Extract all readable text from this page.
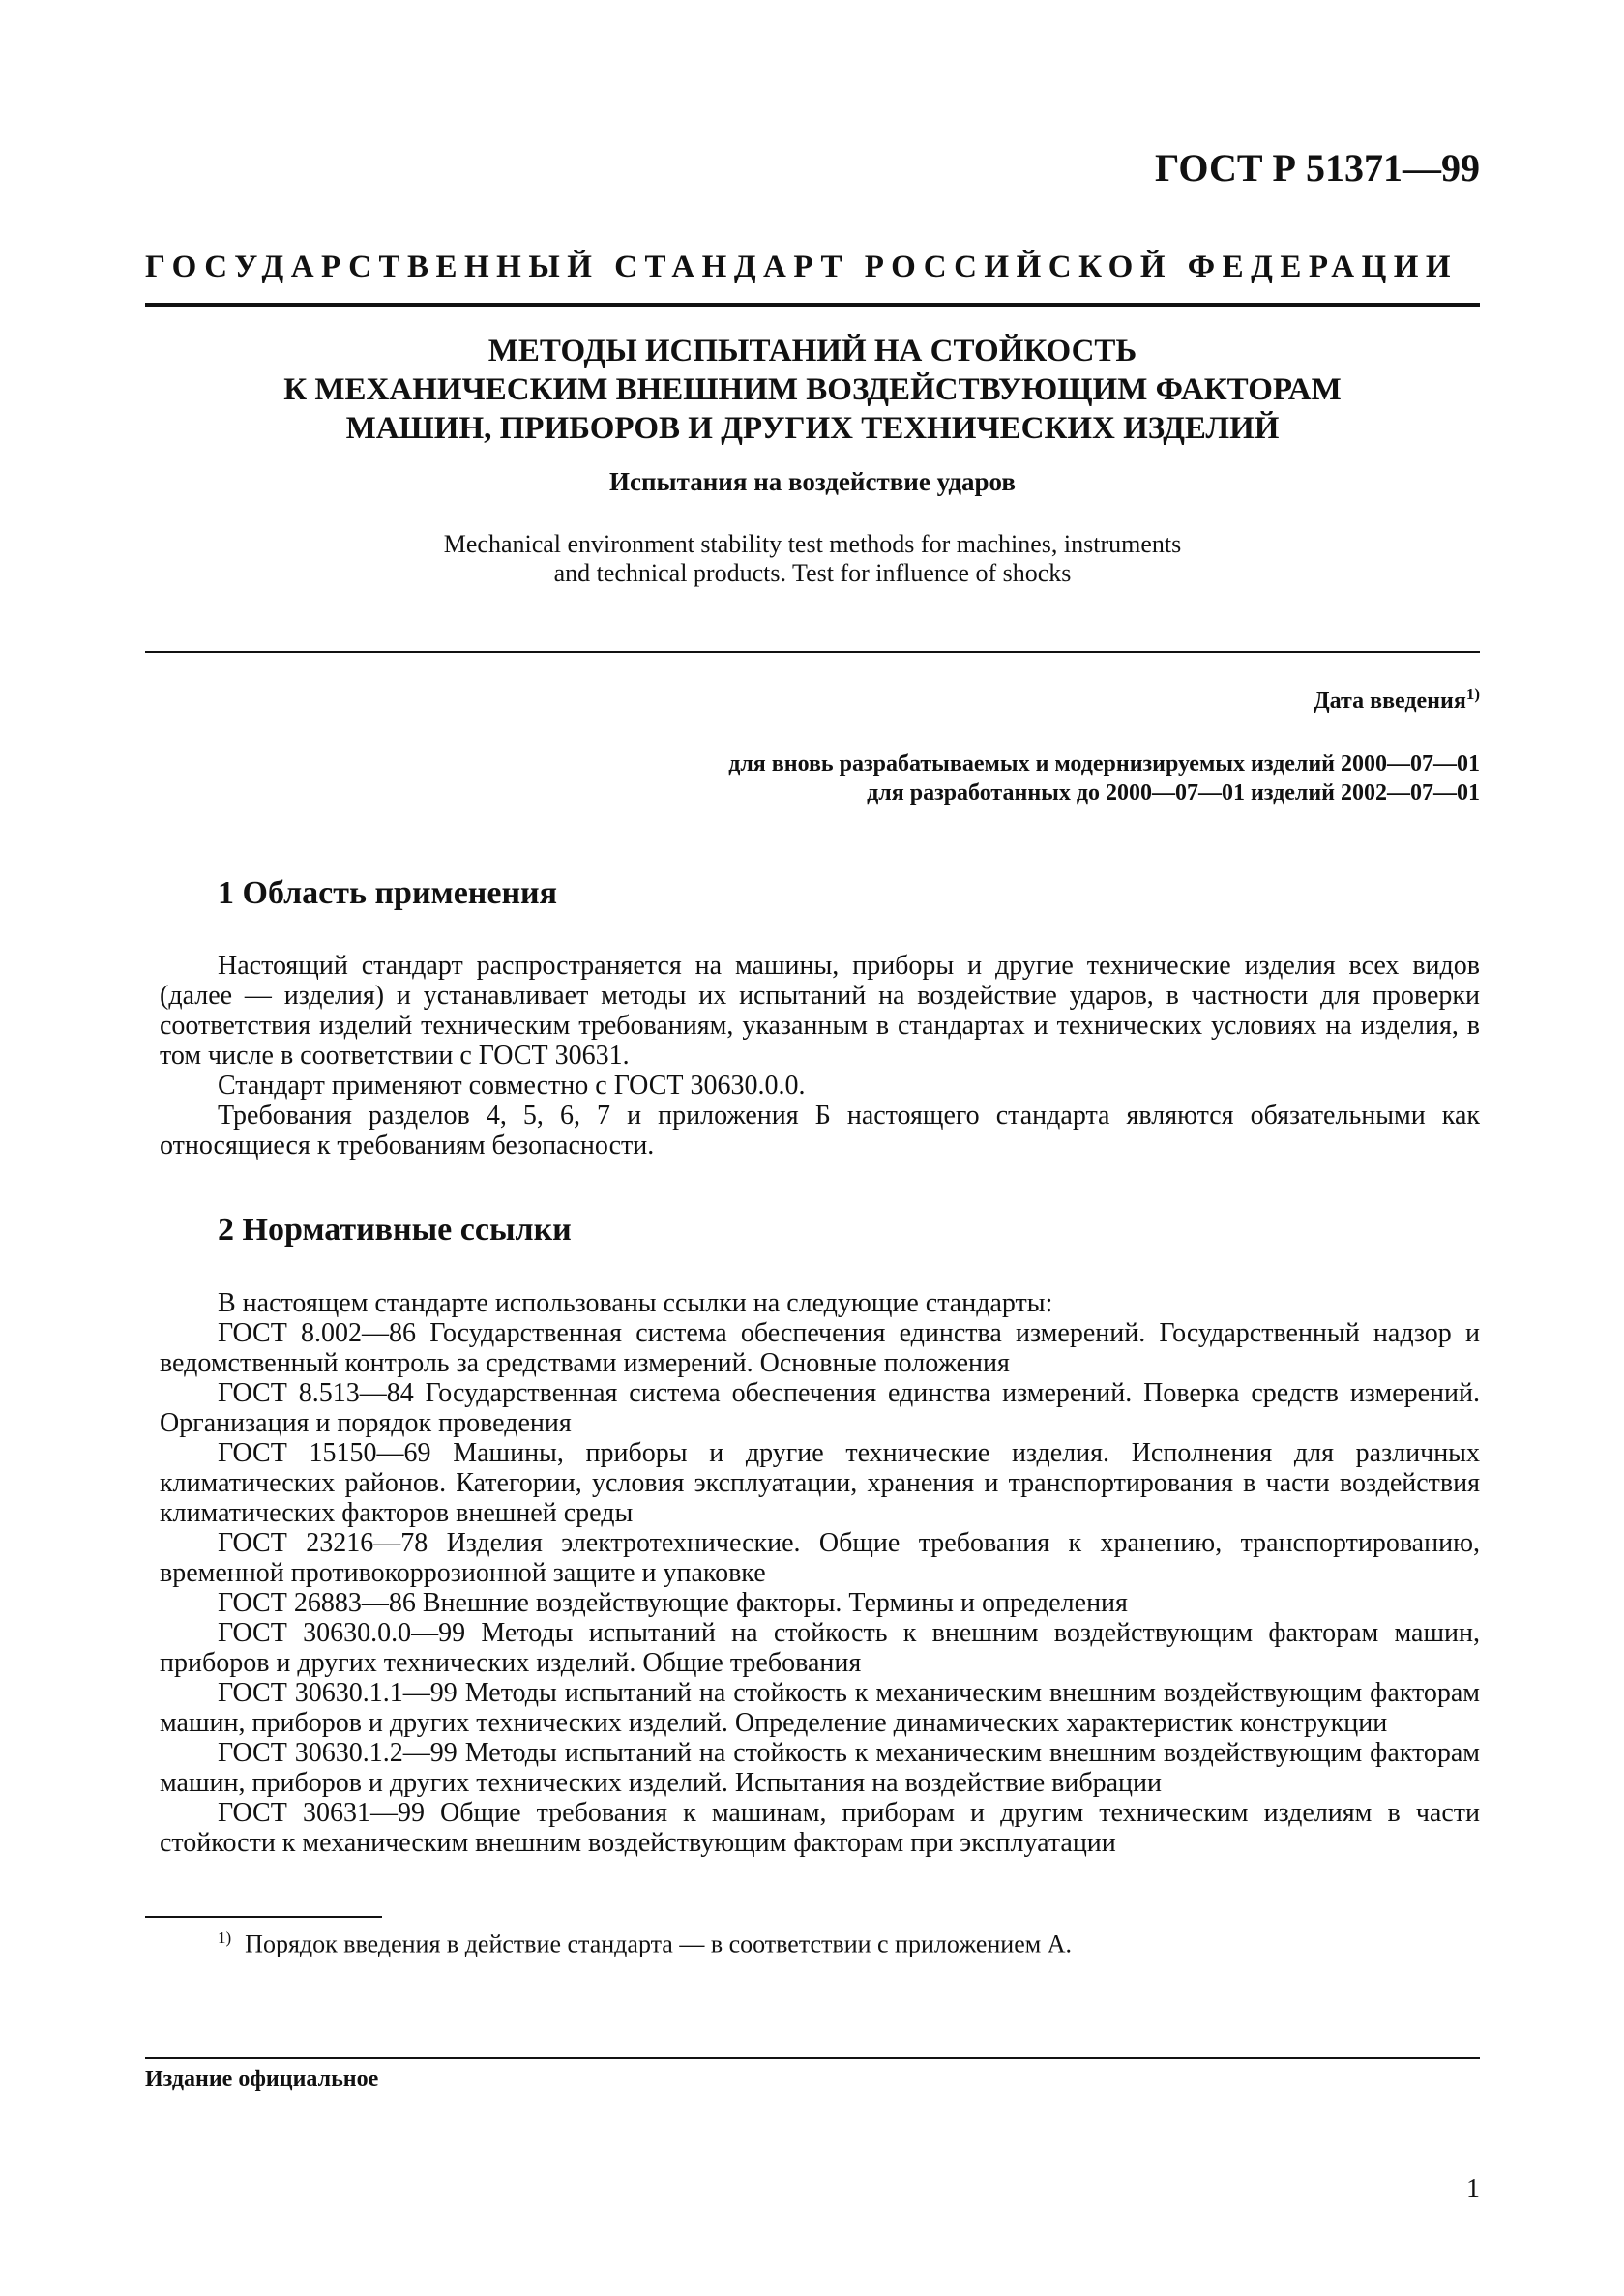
ГОСТ Р 51371—99
ГОСУДАРСТВЕННЫЙ СТАНДАРТ РОССИЙСКОЙ ФЕДЕРАЦИИ
МЕТОДЫ ИСПЫТАНИЙ НА СТОЙКОСТЬ
К МЕХАНИЧЕСКИМ ВНЕШНИМ ВОЗДЕЙСТВУЮЩИМ ФАКТОРАМ
МАШИН, ПРИБОРОВ И ДРУГИХ ТЕХНИЧЕСКИХ ИЗДЕЛИЙ
Испытания на воздействие ударов
Mechanical environment stability test methods for machines, instruments
and technical products. Test for influence of shocks
Дата введения$^{1)}$
для вновь разрабатываемых и модернизируемых изделий 2000—07—01
для разработанных до 2000—07—01 изделий 2002—07—01
1 Область применения

Настоящий стандарт распространяется на машины, приборы и другие технические изделия всех видов (далее — изделия) и устанавливает методы их испытаний на воздействие ударов, в частности для проверки соответствия изделий техническим требованиям, указанным в стандартах и технических условиях на изделия, в том числе в соответствии с ГОСТ 30631.

Стандарт применяют совместно с ГОСТ 30630.0.0.

Требования разделов 4, 5, 6, 7 и приложения Б настоящего стандарта являются обязательными как относящиеся к требованиям безопасности.

2 Нормативные ссылки

В настоящем стандарте использованы ссылки на следующие стандарты:

ГОСТ 8.002—86 Государственная система обеспечения единства измерений. Государственный надзор и ведомственный контроль за средствами измерений. Основные положения

ГОСТ 8.513—84 Государственная система обеспечения единства измерений. Поверка средств измерений. Организация и порядок проведения

ГОСТ 15150—69 Машины, приборы и другие технические изделия. Исполнения для различных климатических районов. Категории, условия эксплуатации, хранения и транспортирования в части воздействия климатических факторов внешней среды

ГОСТ 23216—78 Изделия электротехнические. Общие требования к хранению, транспортированию, временной противокоррозионной защите и упаковке

ГОСТ 26883—86 Внешние воздействующие факторы. Термины и определения

ГОСТ 30630.0.0—99 Методы испытаний на стойкость к внешним воздействующим факторам машин, приборов и других технических изделий. Общие требования

ГОСТ 30630.1.1—99 Методы испытаний на стойкость к механическим внешним воздействующим факторам машин, приборов и других технических изделий. Определение динамических характеристик конструкции

ГОСТ 30630.1.2—99 Методы испытаний на стойкость к механическим внешним воздействующим факторам машин, приборов и других технических изделий. Испытания на воздействие вибрации

ГОСТ 30631—99 Общие требования к машинам, приборам и другим техническим изделиям в части стойкости к механическим внешним воздействующим факторам при эксплуатации

$^{1)}$ Порядок введения в действие стандарта — в соответствии с приложением А.
Издание официальное
1
